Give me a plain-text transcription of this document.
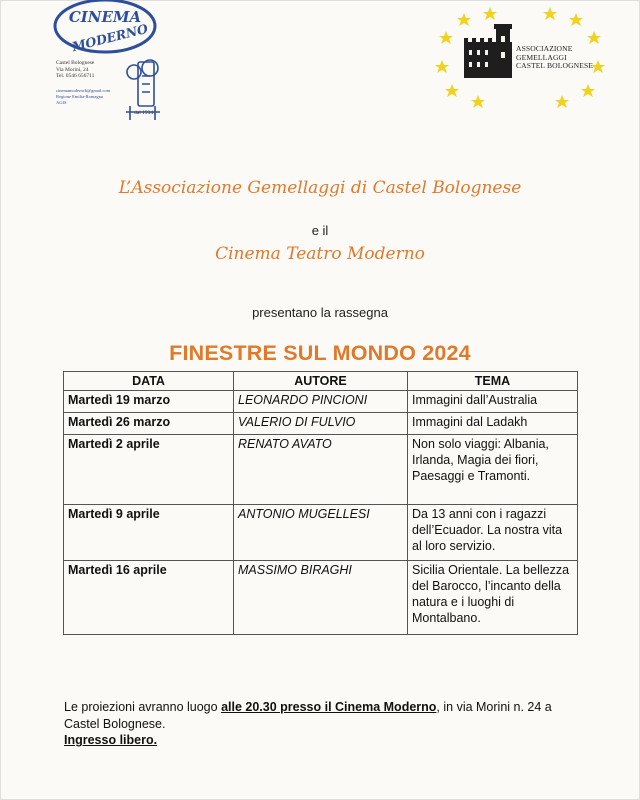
CINEMA
MODERNO
Castel Bolognese
Via Morini, 24
Tel. 0546 656711
cinemamoderncb@gmail.com
Regione Emilia-Romagna
AGIS
dal 1934
ASSOCIAZIONE
GEMELLAGGI
CASTEL BOLOGNESE
L’Associazione Gemellaggi di Castel Bolognese
e il
Cinema Teatro Moderno
presentano la rassegna
FINESTRE SUL MONDO 2024
DATA	AUTORE	TEMA
Martedì 19 marzo	LEONARDO PINCIONI	Immagini dall’Australia
Martedì 26 marzo	VALERIO DI FULVIO	Immagini dal Ladakh
Martedì 2 aprile	RENATO AVATO	Non solo viaggi: Albania, Irlanda, Magia dei fiori, Paesaggi e Tramonti.
Martedì 9 aprile	ANTONIO MUGELLESI	Da 13 anni con i ragazzi dell’Ecuador. La nostra vita al loro servizio.
Martedì 16 aprile	MASSIMO BIRAGHI	Sicilia Orientale. La bellezza del Barocco, l’incanto della natura e i luoghi di Montalbano.
Le proiezioni avranno luogo alle 20.30 presso il Cinema Moderno, in via Morini n. 24 a Castel Bolognese.
Ingresso libero.
